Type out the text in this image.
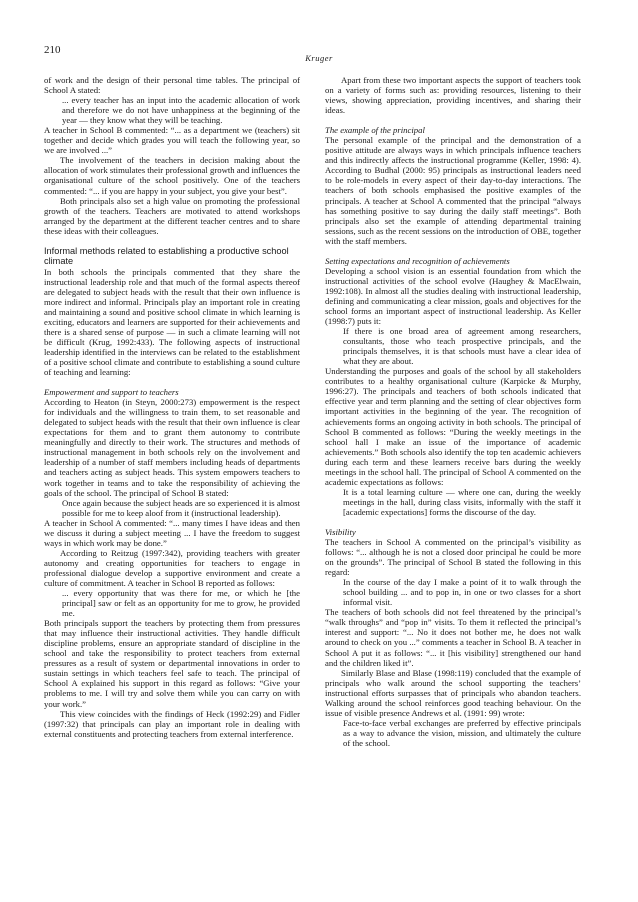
210
Kruger

of work and the design of their personal time tables. The principal of School A stated:

... every teacher has an input into the academic allocation of work and therefore we do not have unhappiness at the beginning of the year — they know what they will be teaching.

A teacher in School B commented: “... as a department we (teachers) sit together and decide which grades you will teach the following year, so we are involved ...”

The involvement of the teachers in decision making about the allocation of work stimulates their professional growth and influences the organisational culture of the school positively. One of the teachers commented: “... if you are happy in your subject, you give your best”.

Both principals also set a high value on promoting the professional growth of the teachers. Teachers are motivated to attend workshops arranged by the department at the different teacher centres and to share these ideas with their colleagues.

Informal methods related to establishing a productive school climate

In both schools the principals commented that they share the instructional leadership role and that much of the formal aspects thereof are delegated to subject heads with the result that their own influence is more indirect and informal. Principals play an important role in creating and maintaining a sound and positive school climate in which learning is exciting, educators and learners are supported for their achievements and there is a shared sense of purpose — in such a climate learning will not be difficult (Krug, 1992:433). The following aspects of instructional leadership identified in the interviews can be related to the establishment of a positive school climate and contribute to establishing a sound culture of teaching and learning:

Empowerment and support to teachers

According to Heaton (in Steyn, 2000:273) empowerment is the respect for individuals and the willingness to train them, to set reasonable and delegated to subject heads with the result that their own influence is clear expectations for them and to grant them autonomy to contribute meaningfully and directly to their work. The structures and methods of instructional management in both schools rely on the involvement and leadership of a number of staff members including heads of departments and teachers acting as subject heads. This system empowers teachers to work together in teams and to take the responsibility of achieving the goals of the school. The principal of School B stated:

Once again because the subject heads are so experienced it is almost possible for me to keep aloof from it (instructional leadership).

A teacher in School A commented: “... many times I have ideas and then we discuss it during a subject meeting ... I have the freedom to suggest ways in which work may be done.”

According to Reitzug (1997:342), providing teachers with greater autonomy and creating opportunities for teachers to engage in professional dialogue develop a supportive environment and create a culture of commitment. A teacher in School B reported as follows:

... every opportunity that was there for me, or which he [the principal] saw or felt as an opportunity for me to grow, he provided me.

Both principals support the teachers by protecting them from pressures that may influence their instructional activities. They handle difficult discipline problems, ensure an appropriate standard of discipline in the school and take the responsibility to protect teachers from external pressures as a result of system or departmental innovations in order to sustain settings in which teachers feel safe to teach. The principal of School A explained his support in this regard as follows: “Give your problems to me. I will try and solve them while you can carry on with your work.”

This view coincides with the findings of Heck (1992:29) and Fidler (1997:32) that principals can play an important role in dealing with external constituents and protecting teachers from external interference.

Apart from these two important aspects the support of teachers took on a variety of forms such as: providing resources, listening to their views, showing appreciation, providing incentives, and sharing their ideas.

The example of the principal

The personal example of the principal and the demonstration of a positive attitude are always ways in which principals influence teachers and this indirectly affects the instructional programme (Keller, 1998: 4). According to Budhal (2000: 95) principals as instructional leaders need to be role-models in every aspect of their day-to-day interactions. The teachers of both schools emphasised the positive examples of the principals. A teacher at School A commented that the principal “always has something positive to say during the daily staff meetings”. Both principals also set the example of attending departmental training sessions, such as the recent sessions on the introduction of OBE, together with the staff members.

Setting expectations and recognition of achievements

Developing a school vision is an essential foundation from which the instructional activities of the school evolve (Haughey & MacElwain, 1992:108). In almost all the studies dealing with instructional leadership, defining and communicating a clear mission, goals and objectives for the school forms an important aspect of instructional leadership. As Keller (1998:7) puts it:

If there is one broad area of agreement among researchers, consultants, those who teach prospective principals, and the principals themselves, it is that schools must have a clear idea of what they are about.

Understanding the purposes and goals of the school by all stakeholders contributes to a healthy organisational culture (Karpicke & Murphy, 1996:27). The principals and teachers of both schools indicated that effective year and term planning and the setting of clear objectives form important activities in the beginning of the year. The recognition of achievements forms an ongoing activity in both schools. The principal of School B commented as follows: “During the weekly meetings in the school hall I make an issue of the importance of academic achievements.” Both schools also identify the top ten academic achievers during each term and these learners receive bars during the weekly meetings in the school hall. The principal of School A commented on the academic expectations as follows:

It is a total learning culture — where one can, during the weekly meetings in the hall, during class visits, informally with the staff it [academic expectations] forms the discourse of the day.

Visibility

The teachers in School A commented on the principal’s visibility as follows: “... although he is not a closed door principal he could be more on the grounds”. The principal of School B stated the following in this regard:

In the course of the day I make a point of it to walk through the school building ... and to pop in, in one or two classes for a short informal visit.

The teachers of both schools did not feel threatened by the principal’s “walk throughs” and “pop in” visits. To them it reflected the principal’s interest and support: “... No it does not bother me, he does not walk around to check on you ...” comments a teacher in School B. A teacher in School A put it as follows: “... it [his visibility] strengthened our hand and the children liked it”.

Similarly Blase and Blase (1998:119) concluded that the example of principals who walk around the school supporting the teachers’ instructional efforts surpasses that of principals who abandon teachers. Walking around the school reinforces good teaching behaviour. On the issue of visible presence Andrews et al. (1991: 99) wrote:

Face-to-face verbal exchanges are preferred by effective principals as a way to advance the vision, mission, and ultimately the culture of the school.
